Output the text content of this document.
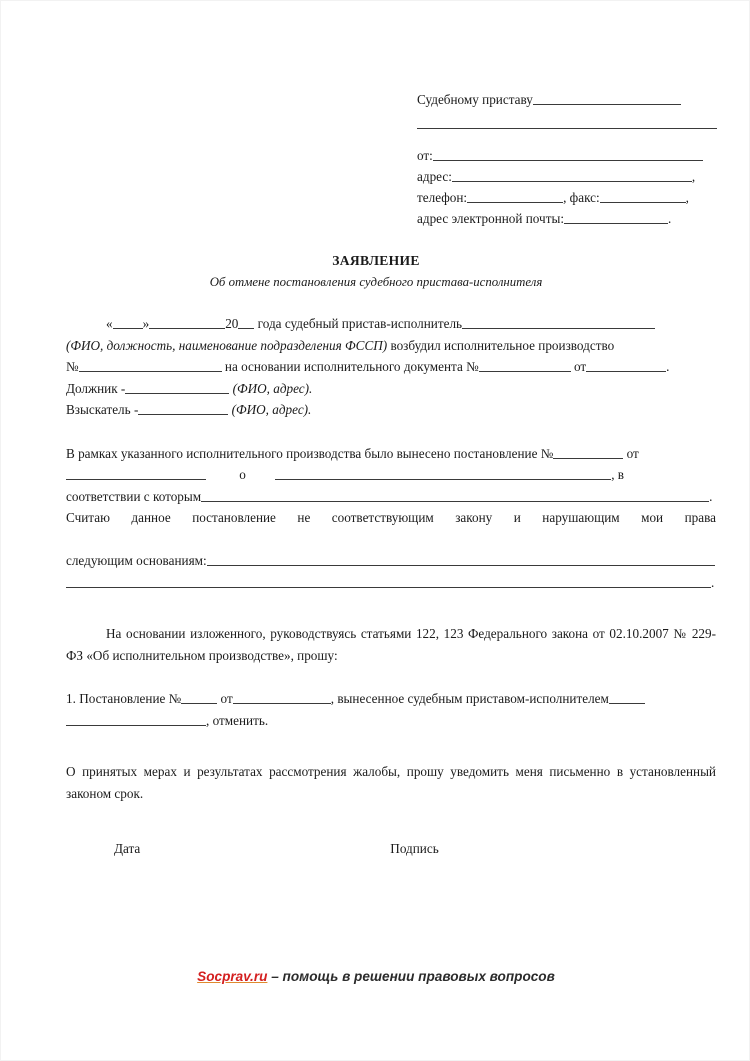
Судебному приставу
от:
адрес:	,
телефон:	, факс:	,
адрес электронной почты:	.

ЗАЯВЛЕНИЕ

Об отмене постановления судебного пристава-исполнителя

« »	20 года судебный пристав-исполнитель

(ФИО, должность, наименование подразделения ФССП) возбудил исполнительное производство

№	на основании исполнительного документа №	от	.

Должник -	(ФИО, адрес).

Взыскатель -	(ФИО, адрес).

В рамках указанного исполнительного производства было вынесено постановление №	от

о	, в

соответствии с которым	.

Считаю данное постановление не соответствующим закону и нарушающим мои права

следующим основаниям:

.

На основании изложенного, руководствуясь статьями 122, 123 Федерального закона от 02.10.2007 № 229-ФЗ «Об исполнительном производстве», прошу:

1. Постановление №	от	, вынесенное судебным приставом-исполнителем

, отменить.

О принятых мерах и результатах рассмотрения жалобы, прошу уведомить меня письменно в установленный законом срок.

Дата	Подпись
Socprav.ru – помощь в решении правовых вопросов
